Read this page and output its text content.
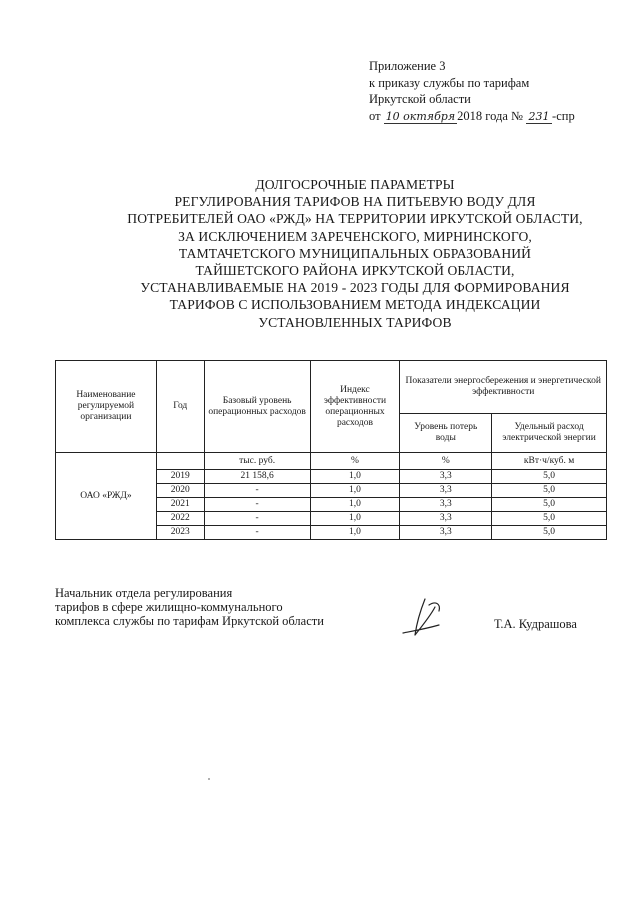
Приложение 3
к приказу службы по тарифам
Иркутской области
от 10 октября 2018 года № 231 -спр
ДОЛГОСРОЧНЫЕ ПАРАМЕТРЫ
РЕГУЛИРОВАНИЯ ТАРИФОВ НА ПИТЬЕВУЮ ВОДУ ДЛЯ
ПОТРЕБИТЕЛЕЙ ОАО «РЖД» НА ТЕРРИТОРИИ ИРКУТСКОЙ ОБЛАСТИ,
ЗА ИСКЛЮЧЕНИЕМ ЗАРЕЧЕНСКОГО, МИРНИНСКОГО,
ТАМТАЧЕТСКОГО МУНИЦИПАЛЬНЫХ ОБРАЗОВАНИЙ
ТАЙШЕТСКОГО РАЙОНА ИРКУТСКОЙ ОБЛАСТИ,
УСТАНАВЛИВАЕМЫЕ НА 2019 - 2023 ГОДЫ ДЛЯ ФОРМИРОВАНИЯ
ТАРИФОВ С ИСПОЛЬЗОВАНИЕМ МЕТОДА ИНДЕКСАЦИИ
УСТАНОВЛЕННЫХ ТАРИФОВ
Наименование регулируемой организации	Год	Базовый уровень операционных расходов	Индекс эффективности операционных расходов	Показатели энергосбережения и энергетической эффективности	
				Уровень потерь воды	Удельный расход электрической энергии
ОАО «РЖД»		тыс. руб.	%	%	кВт·ч/куб. м
	2019	21 158,6	1,0	3,3	5,0
	2020	-	1,0	3,3	5,0
	2021	-	1,0	3,3	5,0
	2022	-	1,0	3,3	5,0
	2023	-	1,0	3,3	5,0
Начальник отдела регулирования
тарифов в сфере жилищно-коммунального
комплекса службы по тарифам Иркутской области	Т.А. Кудрашова
